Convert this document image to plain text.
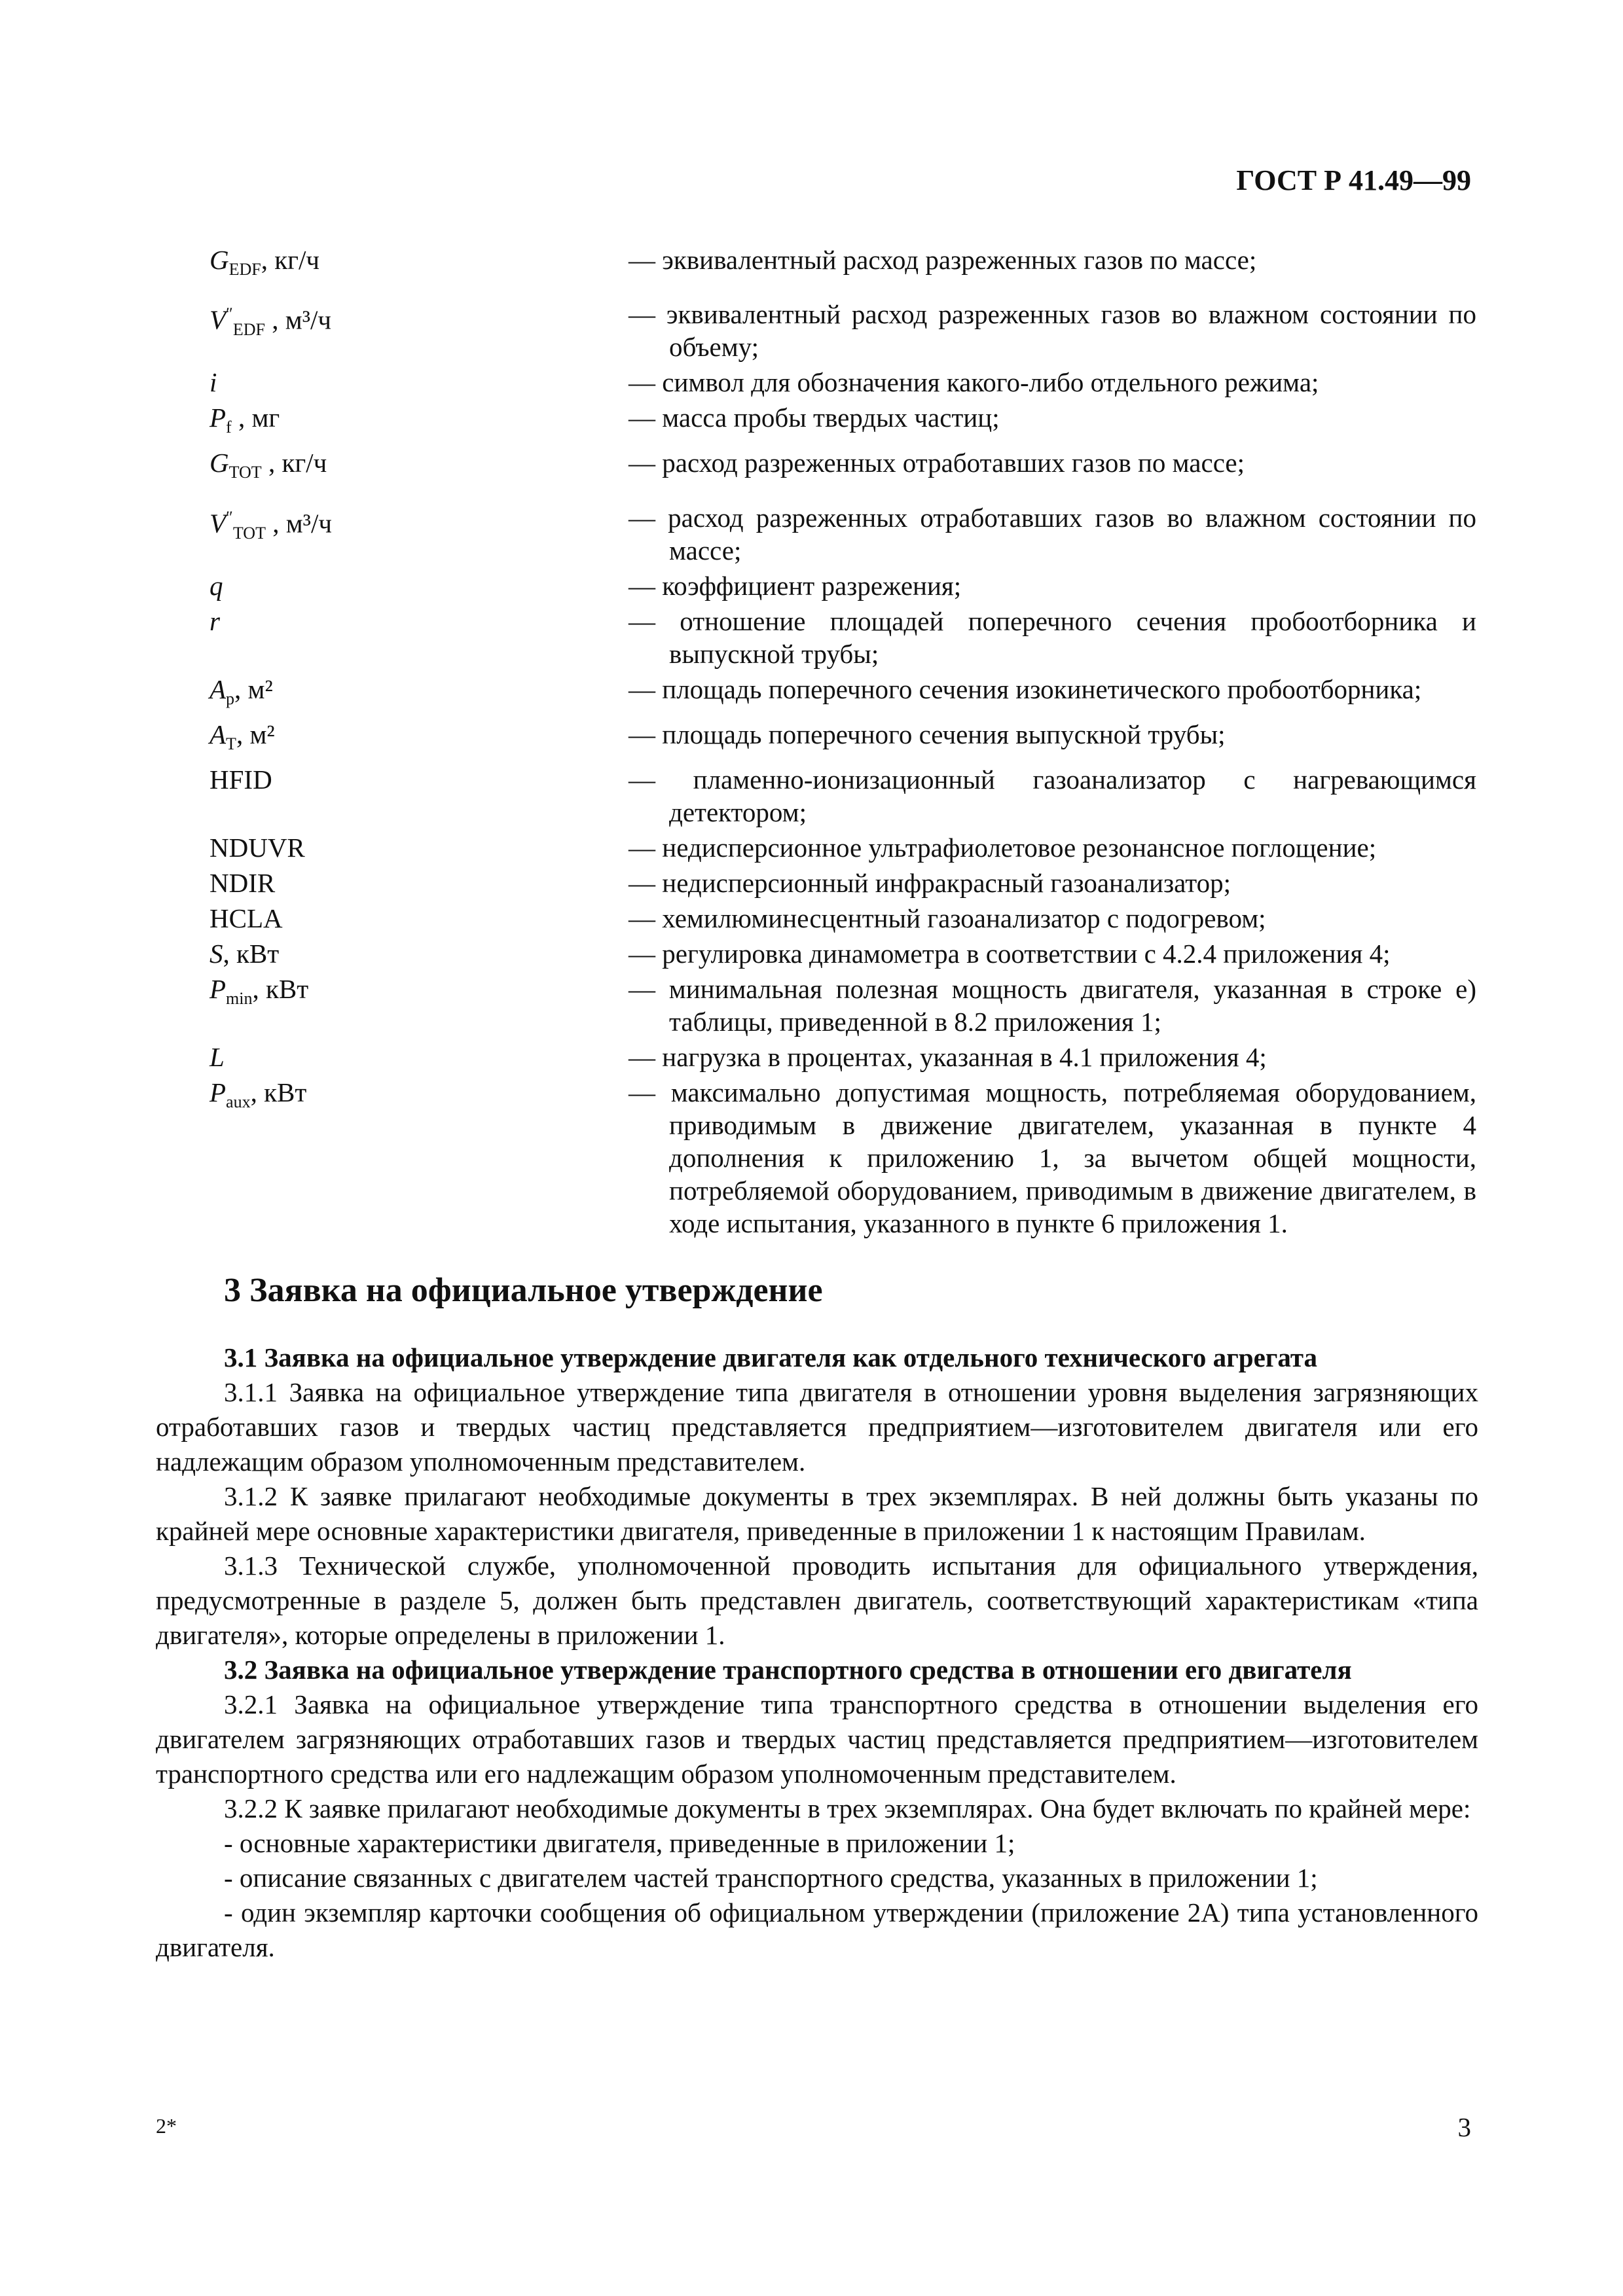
ГОСТ Р 41.49—99
$G_{EDF}$, кг/ч	— эквивалентный расход разреженных газов по массе;
$V''_{EDF}$ , м³/ч	— эквивалентный расход разреженных газов во влажном состоянии по объему;
i	— символ для обозначения какого-либо отдельного режима;
$P_f$ , мг	— масса пробы твердых частиц;
$G_{TOT}$ , кг/ч	— расход разреженных отработавших газов по массе;
$V''_{TOT}$ , м³/ч	— расход разреженных отработавших газов во влажном состоянии по массе;
q	— коэффициент разрежения;
r	— отношение площадей поперечного сечения пробоотборника и выпускной трубы;
$A_p$, м²	— площадь поперечного сечения изокинетического пробоотборника;
$A_T$, м²	— площадь поперечного сечения выпускной трубы;
HFID	— пламенно-ионизационный газоанализатор с нагревающимся детектором;
NDUVR	— недисперсионное ультрафиолетовое резонансное поглощение;
NDIR	— недисперсионный инфракрасный газоанализатор;
HCLA	— хемилюминесцентный газоанализатор с подогревом;
S, кВт	— регулировка динамометра в соответствии с 4.2.4 приложения 4;
$P_{min}$, кВт	— минимальная полезная мощность двигателя, указанная в строке е) таблицы, приведенной в 8.2 приложения 1;
L	— нагрузка в процентах, указанная в 4.1 приложения 4;
$P_{aux}$, кВт	— максимально допустимая мощность, потребляемая оборудованием, приводимым в движение двигателем, указанная в пункте 4 дополнения к приложению 1, за вычетом общей мощности, потребляемой оборудованием, приводимым в движение двигателем, в ходе испытания, указанного в пункте 6 приложения 1.
3 Заявка на официальное утверждение

3.1 Заявка на официальное утверждение двигателя как отдельного технического агрегата

3.1.1 Заявка на официальное утверждение типа двигателя в отношении уровня выделения загрязняющих отработавших газов и твердых частиц представляется предприятием—изготовителем двигателя или его надлежащим образом уполномоченным представителем.

3.1.2 К заявке прилагают необходимые документы в трех экземплярах. В ней должны быть указаны по крайней мере основные характеристики двигателя, приведенные в приложении 1 к настоящим Правилам.

3.1.3 Технической службе, уполномоченной проводить испытания для официального утверждения, предусмотренные в разделе 5, должен быть представлен двигатель, соответствующий характеристикам «типа двигателя», которые определены в приложении 1.

3.2 Заявка на официальное утверждение транспортного средства в отношении его двигателя

3.2.1 Заявка на официальное утверждение типа транспортного средства в отношении выделения его двигателем загрязняющих отработавших газов и твердых частиц представляется предприятием—изготовителем транспортного средства или его надлежащим образом уполномоченным представителем.

3.2.2 К заявке прилагают необходимые документы в трех экземплярах. Она будет включать по крайней мере:

- основные характеристики двигателя, приведенные в приложении 1;

- описание связанных с двигателем частей транспортного средства, указанных в приложении 1;

- один экземпляр карточки сообщения об официальном утверждении (приложение 2А) типа установленного двигателя.

2*	3
